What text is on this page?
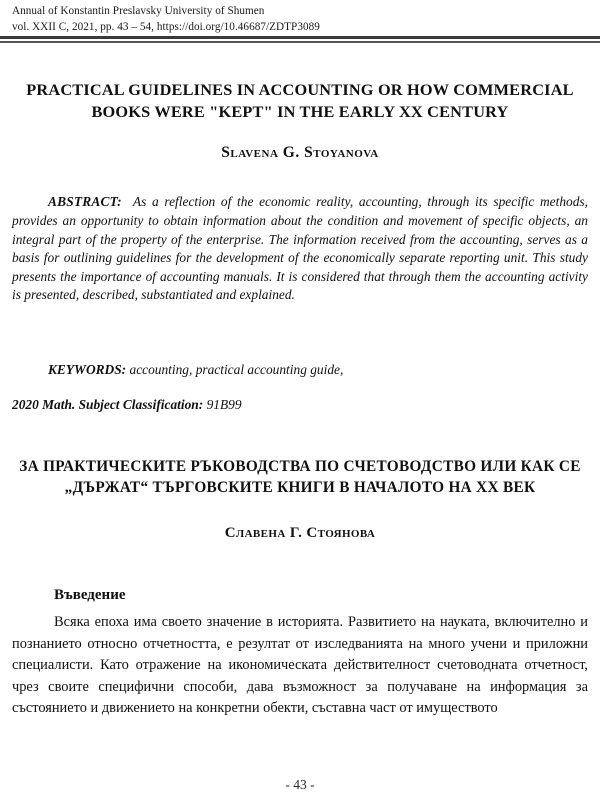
Annual of Konstantin Preslavsky University of Shumen
vol. XXII C, 2021, pp. 43 – 54, https://doi.org/10.46687/ZDTP3089
PRACTICAL GUIDELINES IN ACCOUNTING OR HOW COMMERCIAL BOOKS WERE "KEPT" IN THE EARLY XX CENTURY
Slavena G. Stoyanova

ABSTRACT: As a reflection of the economic reality, accounting, through its specific methods, provides an opportunity to obtain information about the condition and movement of specific objects, an integral part of the property of the enterprise. The information received from the accounting, serves as a basis for outlining guidelines for the development of the economically separate reporting unit. This study presents the importance of accounting manuals. It is considered that through them the accounting activity is presented, described, substantiated and explained.

KEYWORDS: accounting, practical accounting guide,

2020 Math. Subject Classification: 91B99

ЗА ПРАКТИЧЕСКИТЕ РЪКОВОДСТВА ПО СЧЕТОВОДСТВО ИЛИ КАК СЕ „ДЪРЖАТ“ ТЪРГОВСКИТЕ КНИГИ В НАЧАЛОТО НА XX ВЕК
Славена Г. Стоянова
Въведение

Всяка епоха има своето значение в историята. Развитието на науката, включително и познанието относно отчетността, е резултат от изследванията на много учени и приложни специалисти. Като отражение на икономическата действителност счетоводната отчетност, чрез своите специфични способи, дава възможност за получаване на информация за състоянието и движението на конкретни обекти, съставна част от имуществото

- 43 -
